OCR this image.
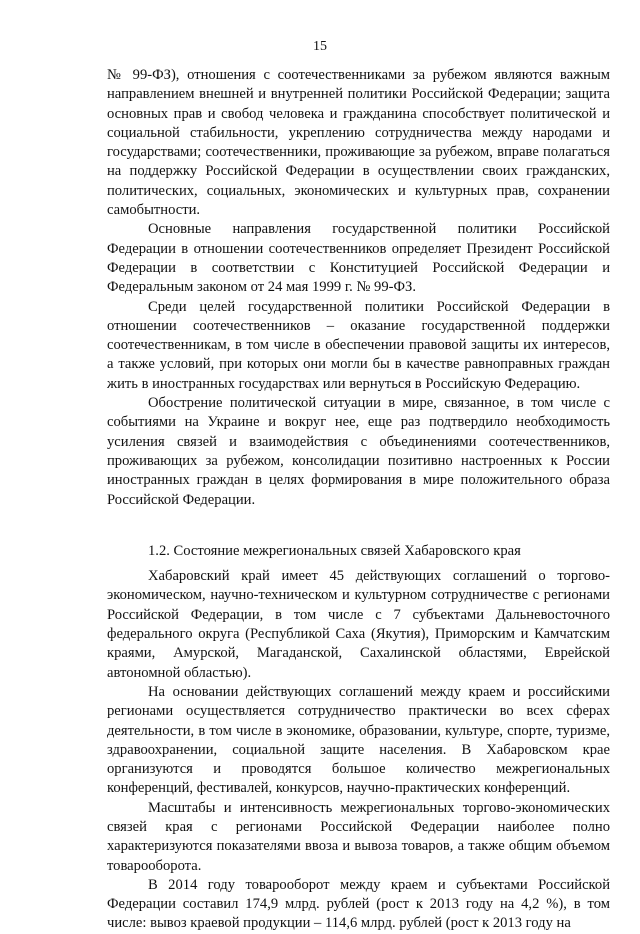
15

№ 99-ФЗ), отношения с соотечественниками за рубежом являются важным направлением внешней и внутренней политики Российской Федерации; защита основных прав и свобод человека и гражданина способствует политической и социальной стабильности, укреплению сотрудничества между народами и государствами; соотечественники, проживающие за рубежом, вправе полагаться на поддержку Российской Федерации в осуществлении своих гражданских, политических, социальных, экономических и культурных прав, сохранении самобытности.

Основные направления государственной политики Российской Федерации в отношении соотечественников определяет Президент Российской Федерации в соответствии с Конституцией Российской Федерации и Федеральным законом от 24 мая 1999 г. № 99-ФЗ.

Среди целей государственной политики Российской Федерации в отношении соотечественников – оказание государственной поддержки соотечественникам, в том числе в обеспечении правовой защиты их интересов, а также условий, при которых они могли бы в качестве равноправных граждан жить в иностранных государствах или вернуться в Российскую Федерацию.

Обострение политической ситуации в мире, связанное, в том числе с событиями на Украине и вокруг нее, еще раз подтвердило необходимость усиления связей и взаимодействия с объединениями соотечественников, проживающих за рубежом, консолидации позитивно настроенных к России иностранных граждан в целях формирования в мире положительного образа Российской Федерации.

1.2. Состояние межрегиональных связей Хабаровского края

Хабаровский край имеет 45 действующих соглашений о торгово-экономическом, научно-техническом и культурном сотрудничестве с регионами Российской Федерации, в том числе с 7 субъектами Дальневосточного федерального округа (Республикой Саха (Якутия), Приморским и Камчатским краями, Амурской, Магаданской, Сахалинской областями, Еврейской автономной областью).

На основании действующих соглашений между краем и российскими регионами осуществляется сотрудничество практически во всех сферах деятельности, в том числе в экономике, образовании, культуре, спорте, туризме, здравоохранении, социальной защите населения. В Хабаровском крае организуются и проводятся большое количество межрегиональных конференций, фестивалей, конкурсов, научно-практических конференций.

Масштабы и интенсивность межрегиональных торгово-экономических связей края с регионами Российской Федерации наиболее полно характеризуются показателями ввоза и вывоза товаров, а также общим объемом товарооборота.

В 2014 году товарооборот между краем и субъектами Российской Федерации составил 174,9 млрд. рублей (рост к 2013 году на 4,2 %), в том числе: вывоз краевой продукции – 114,6 млрд. рублей (рост к 2013 году на
